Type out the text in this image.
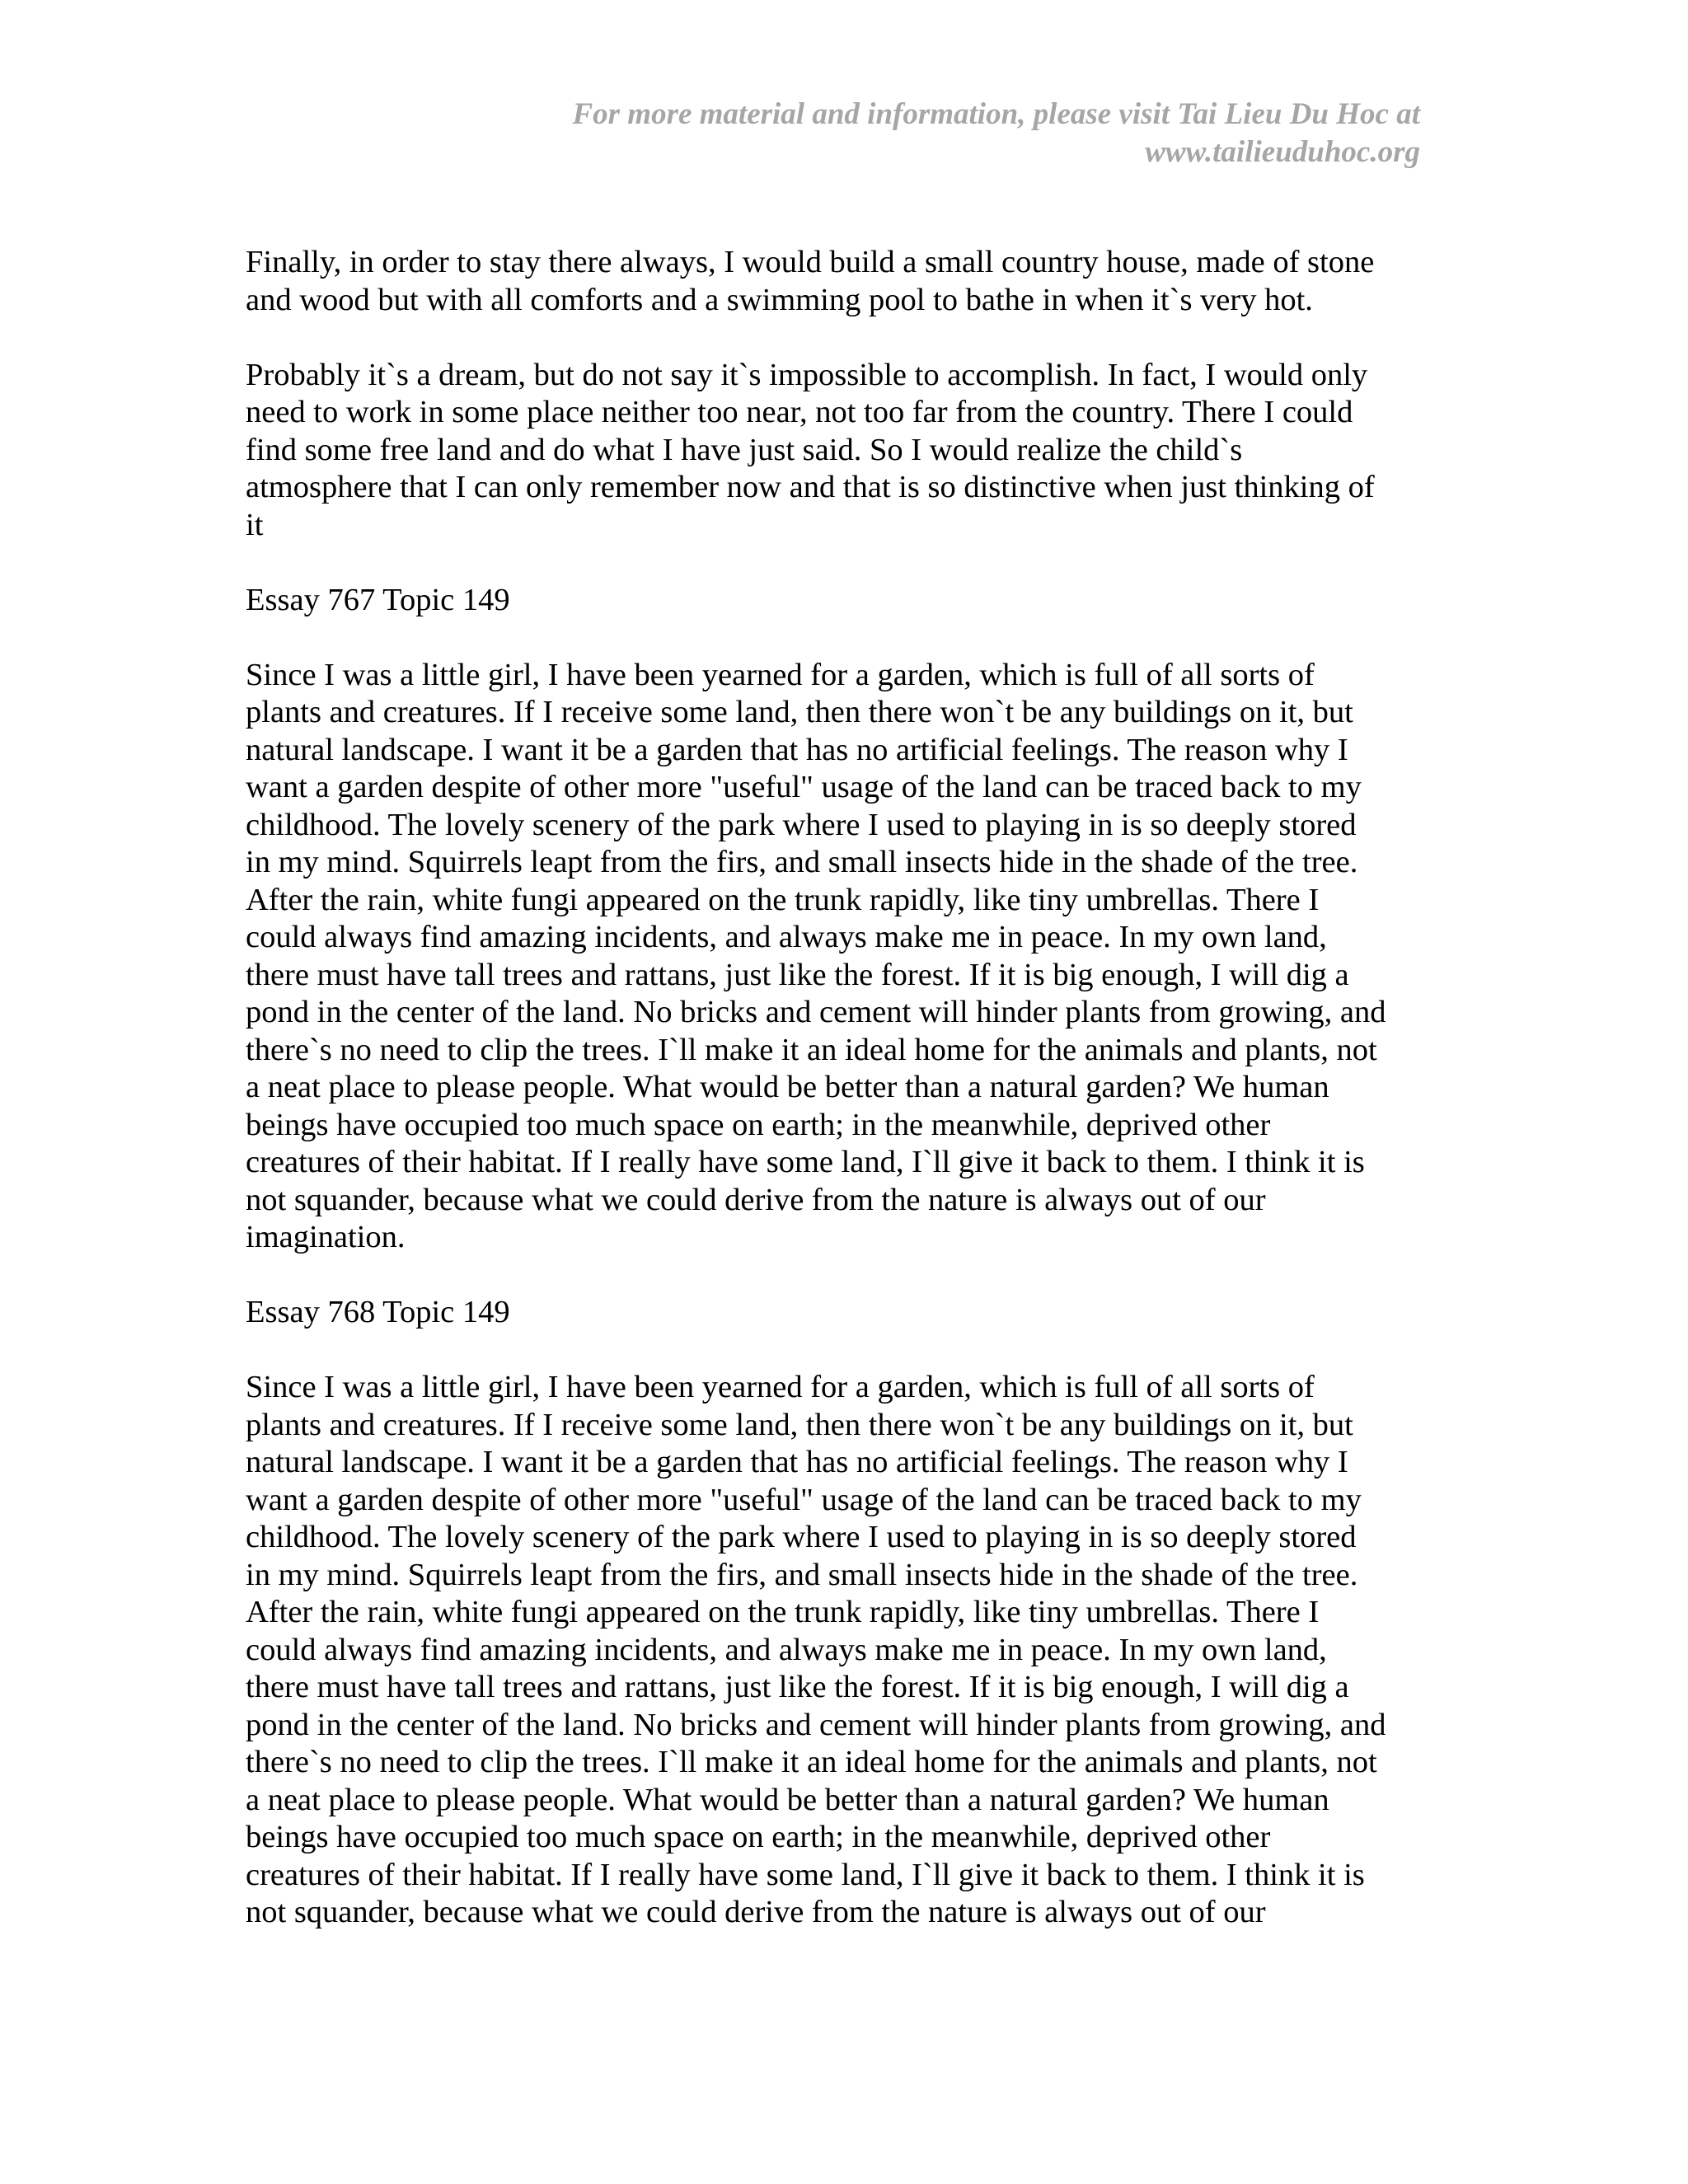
For more material and information, please visit Tai Lieu Du Hoc at
www.tailieuduhoc.org
Finally, in order to stay there always, I would build a small country house, made of stone
and wood but with all comforts and a swimming pool to bathe in when it`s very hot.
Probably it`s a dream, but do not say it`s impossible to accomplish. In fact, I would only
need to work in some place neither too near, not too far from the country. There I could
find some free land and do what I have just said. So I would realize the child`s
atmosphere that I can only remember now and that is so distinctive when just thinking of
it
Essay 767 Topic 149
Since I was a little girl, I have been yearned for a garden, which is full of all sorts of
plants and creatures. If I receive some land, then there won`t be any buildings on it, but
natural landscape. I want it be a garden that has no artificial feelings. The reason why I
want a garden despite of other more "useful" usage of the land can be traced back to my
childhood. The lovely scenery of the park where I used to playing in is so deeply stored
in my mind. Squirrels leapt from the firs, and small insects hide in the shade of the tree.
After the rain, white fungi appeared on the trunk rapidly, like tiny umbrellas. There I
could always find amazing incidents, and always make me in peace. In my own land,
there must have tall trees and rattans, just like the forest. If it is big enough, I will dig a
pond in the center of the land. No bricks and cement will hinder plants from growing, and
there`s no need to clip the trees. I`ll make it an ideal home for the animals and plants, not
a neat place to please people. What would be better than a natural garden? We human
beings have occupied too much space on earth; in the meanwhile, deprived other
creatures of their habitat. If I really have some land, I`ll give it back to them. I think it is
not squander, because what we could derive from the nature is always out of our
imagination.
Essay 768 Topic 149
Since I was a little girl, I have been yearned for a garden, which is full of all sorts of
plants and creatures. If I receive some land, then there won`t be any buildings on it, but
natural landscape. I want it be a garden that has no artificial feelings. The reason why I
want a garden despite of other more "useful" usage of the land can be traced back to my
childhood. The lovely scenery of the park where I used to playing in is so deeply stored
in my mind. Squirrels leapt from the firs, and small insects hide in the shade of the tree.
After the rain, white fungi appeared on the trunk rapidly, like tiny umbrellas. There I
could always find amazing incidents, and always make me in peace. In my own land,
there must have tall trees and rattans, just like the forest. If it is big enough, I will dig a
pond in the center of the land. No bricks and cement will hinder plants from growing, and
there`s no need to clip the trees. I`ll make it an ideal home for the animals and plants, not
a neat place to please people. What would be better than a natural garden? We human
beings have occupied too much space on earth; in the meanwhile, deprived other
creatures of their habitat. If I really have some land, I`ll give it back to them. I think it is
not squander, because what we could derive from the nature is always out of our
